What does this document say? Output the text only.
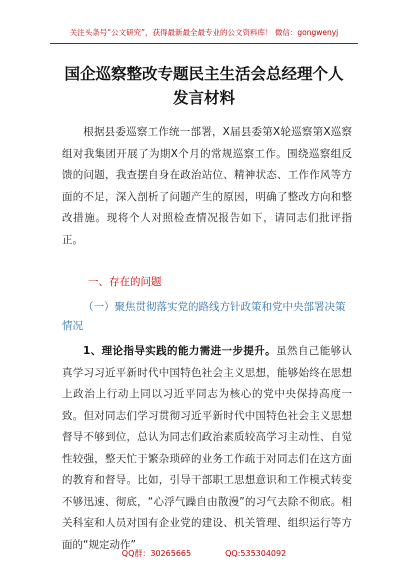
关注头条号“公文研究”，获得最新最全最专业的公文资料库！ 微信：gongwenyj
国企巡察整改专题民主生活会总经理个人
发言材料
根据县委巡察工作统一部署，X届县委第X轮巡察第X巡察组对我集团开展了为期X个月的常规巡察工作。围绕巡察组反馈的问题，我查摆自身在政治站位、精神状态、工作作风等方面的不足，深入剖析了问题产生的原因，明确了整改方向和整改措施。现将个人对照检查情况报告如下，请同志们批评指正。
一、存在的问题
（一）聚焦贯彻落实党的路线方针政策和党中央部署决策情况
1、理论指导实践的能力需进一步提升。虽然自己能够认真学习习近平新时代中国特色社会主义思想，能够始终在思想上政治上行动上同以习近平同志为核心的党中央保持高度一致。但对同志们学习贯彻习近平新时代中国特色社会主义思想督导不够到位，总认为同志们政治素质较高学习主动性、自觉性较强，整天忙于繁杂琐碎的业务工作疏于对同志们在这方面的教育和督导。比如，引导干部职工思想意识和工作模式转变不够迅速、彻底，“心浮气躁自由散漫”的习气去除不彻底。相关科室和人员对国有企业党的建设、机关管理、组织运行等方面的“规定动作”
QQ群：30265665	QQ:535304092
